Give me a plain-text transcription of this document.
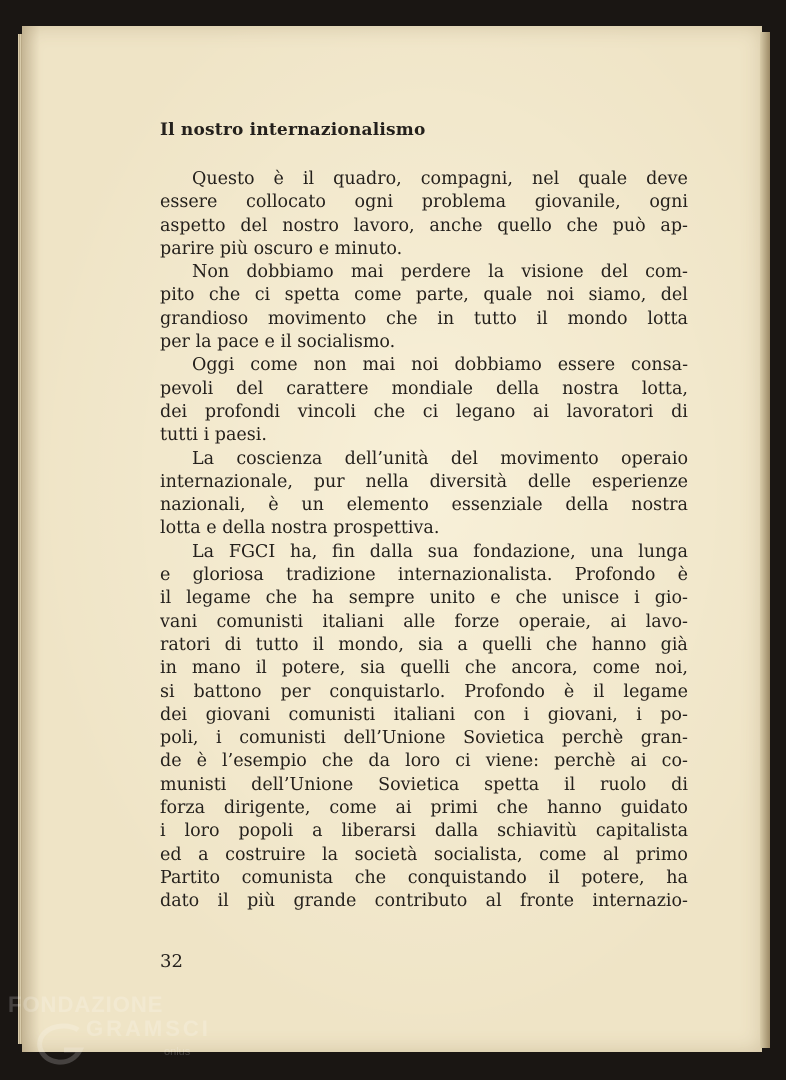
Il nostro internazionalismo
Questo è il quadro, compagni, nel quale deve
essere collocato ogni problema giovanile, ogni
aspetto del nostro lavoro, anche quello che può ap-
parire più oscuro e minuto.
Non dobbiamo mai perdere la visione del com-
pito che ci spetta come parte, quale noi siamo, del
grandioso movimento che in tutto il mondo lotta
per la pace e il socialismo.
Oggi come non mai noi dobbiamo essere consa-
pevoli del carattere mondiale della nostra lotta,
dei profondi vincoli che ci legano ai lavoratori di
tutti i paesi.
La coscienza dell’unità del movimento operaio
internazionale, pur nella diversità delle esperienze
nazionali, è un elemento essenziale della nostra
lotta e della nostra prospettiva.
La FGCI ha, fin dalla sua fondazione, una lunga
e gloriosa tradizione internazionalista. Profondo è
il legame che ha sempre unito e che unisce i gio-
vani comunisti italiani alle forze operaie, ai lavo-
ratori di tutto il mondo, sia a quelli che hanno già
in mano il potere, sia quelli che ancora, come noi,
si battono per conquistarlo. Profondo è il legame
dei giovani comunisti italiani con i giovani, i po-
poli, i comunisti dell’Unione Sovietica perchè gran-
de è l’esempio che da loro ci viene: perchè ai co-
munisti dell’Unione Sovietica spetta il ruolo di
forza dirigente, come ai primi che hanno guidato
i loro popoli a liberarsi dalla schiavitù capitalista
ed a costruire la società socialista, come al primo
Partito comunista che conquistando il potere, ha
dato il più grande contributo al fronte internazio-
32
FONDAZIONE
GRAMSCI
onlus
